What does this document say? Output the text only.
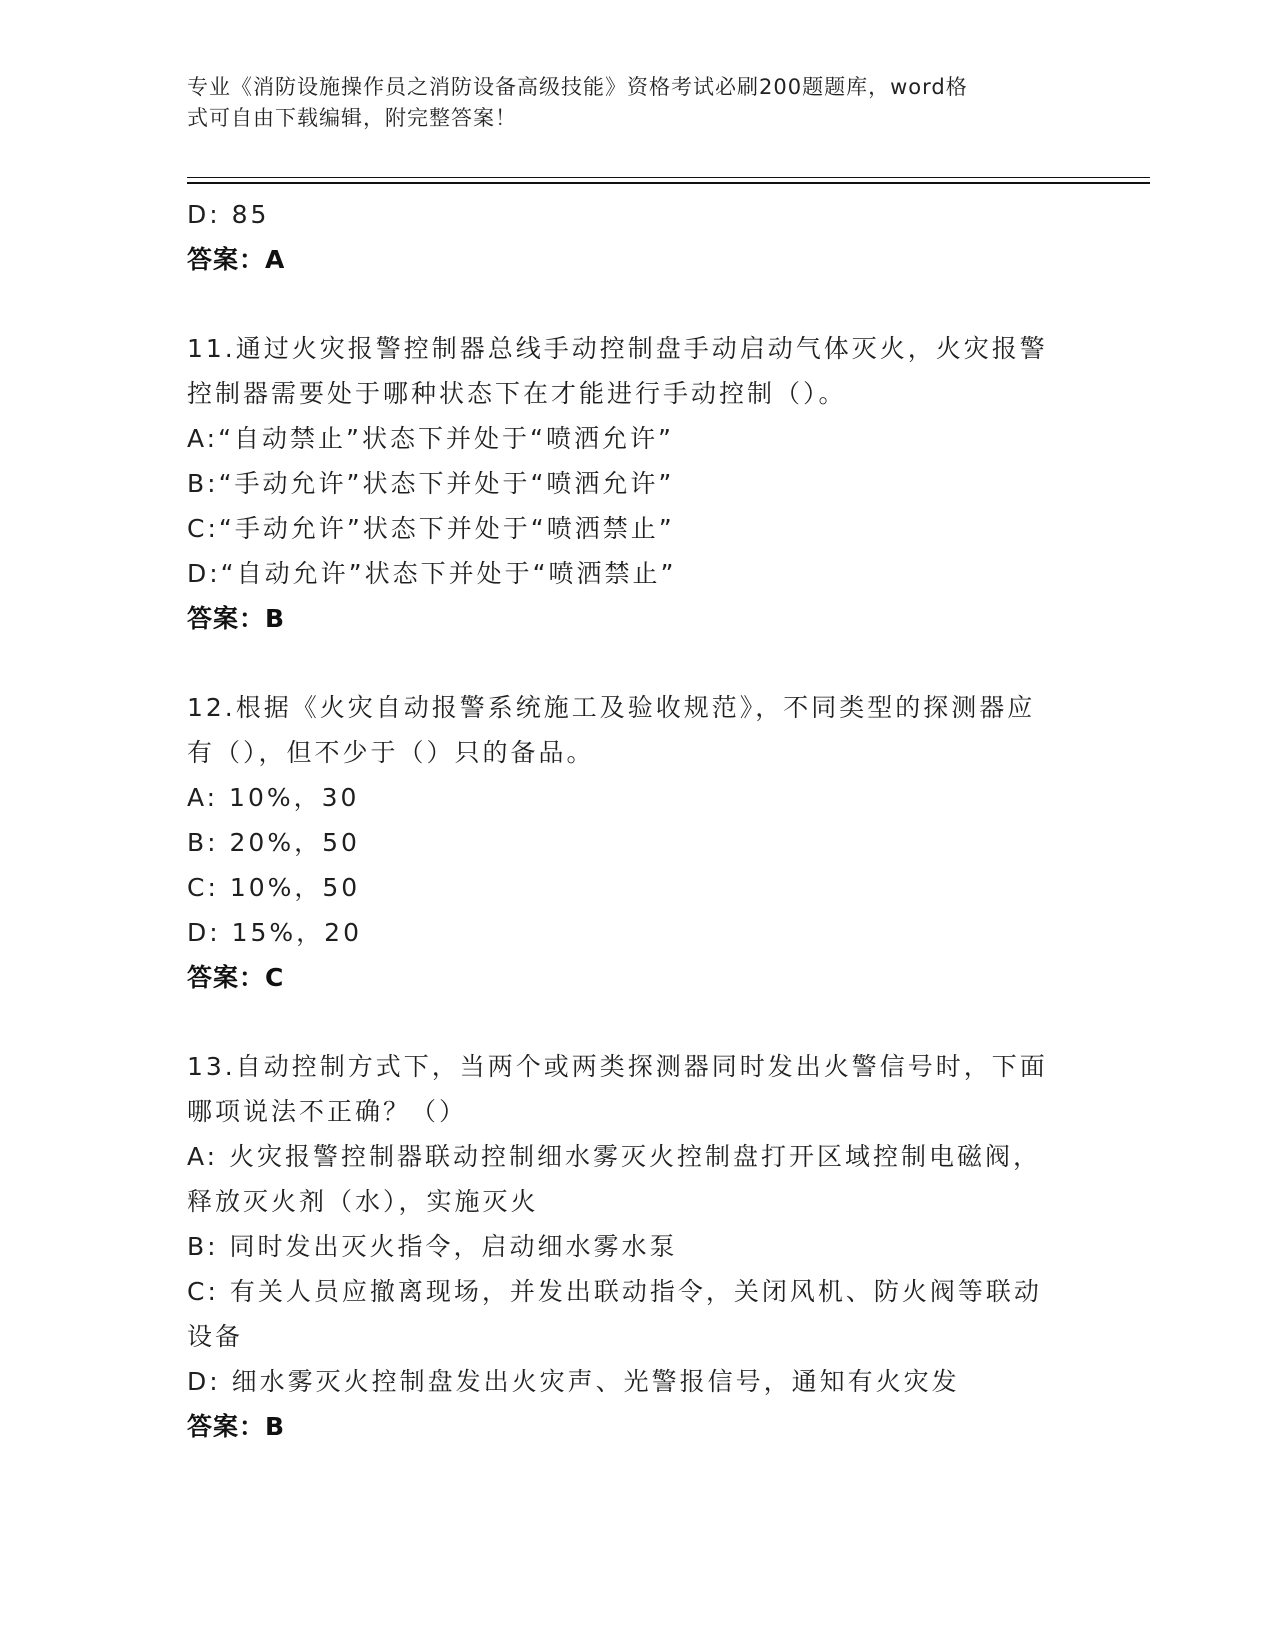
专业《消防设施操作员之消防设备高级技能》资格考试必刷200题题库，word格
式可自由下载编辑，附完整答案！
D: 85
答案：A
11.通过火灾报警控制器总线手动控制盘手动启动气体灭火，火灾报警
控制器需要处于哪种状态下在才能进行手动控制（）。
A:“自动禁止”状态下并处于“喷洒允许”
B:“手动允许”状态下并处于“喷洒允许”
C:“手动允许”状态下并处于“喷洒禁止”
D:“自动允许”状态下并处于“喷洒禁止”
答案：B
12.根据《火灾自动报警系统施工及验收规范》，不同类型的探测器应
有（），但不少于（）只的备品。
A: 10%，30
B: 20%，50
C: 10%，50
D: 15%，20
答案：C
13.自动控制方式下，当两个或两类探测器同时发出火警信号时，下面
哪项说法不正确？（）
A: 火灾报警控制器联动控制细水雾灭火控制盘打开区域控制电磁阀，
释放灭火剂（水），实施灭火
B: 同时发出灭火指令，启动细水雾水泵
C: 有关人员应撤离现场，并发出联动指令，关闭风机、防火阀等联动
设备
D: 细水雾灭火控制盘发出火灾声、光警报信号，通知有火灾发
答案：B
